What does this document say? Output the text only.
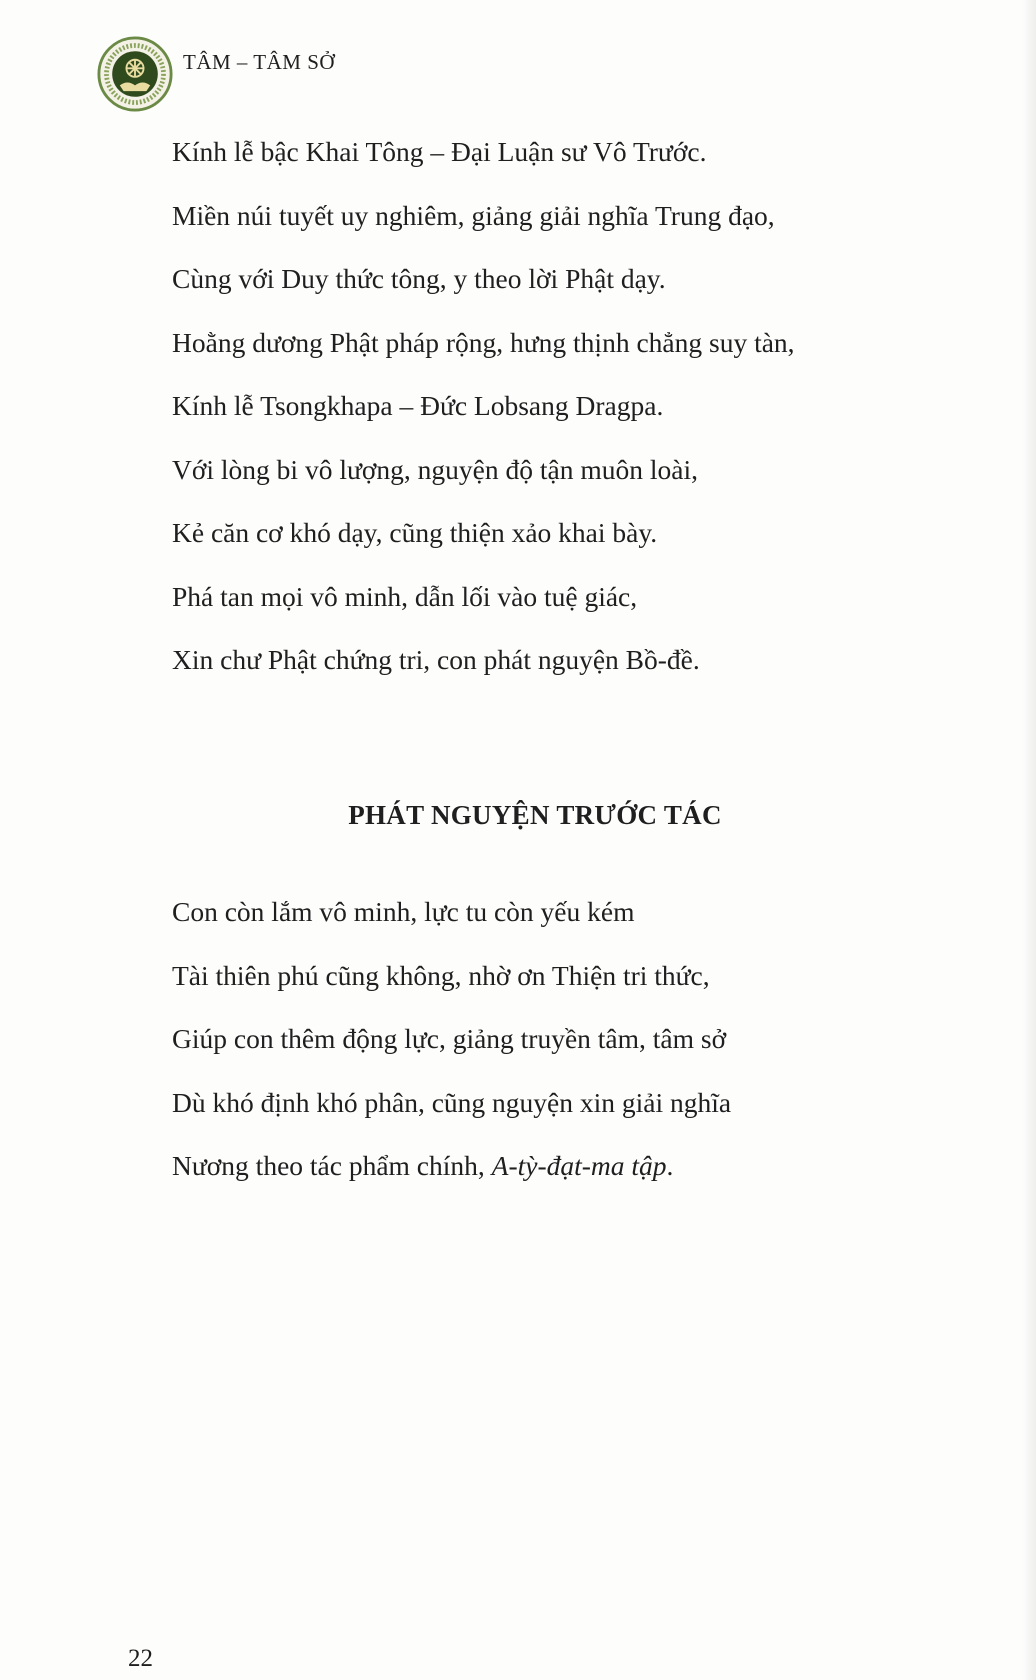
TÂM – TÂM SỞ
Kính lễ bậc Khai Tông – Đại Luận sư Vô Trước.
Miền núi tuyết uy nghiêm, giảng giải nghĩa Trung đạo,
Cùng với Duy thức tông, y theo lời Phật dạy.
Hoằng dương Phật pháp rộng, hưng thịnh chẳng suy tàn,
Kính lễ Tsongkhapa – Đức Lobsang Dragpa.
Với lòng bi vô lượng, nguyện độ tận muôn loài,
Kẻ căn cơ khó dạy, cũng thiện xảo khai bày.
Phá tan mọi vô minh, dẫn lối vào tuệ giác,
Xin chư Phật chứng tri, con phát nguyện Bồ-đề.
PHÁT NGUYỆN TRƯỚC TÁC
Con còn lắm vô minh, lực tu còn yếu kém
Tài thiên phú cũng không, nhờ ơn Thiện tri thức,
Giúp con thêm động lực, giảng truyền tâm, tâm sở
Dù khó định khó phân, cũng nguyện xin giải nghĩa
Nương theo tác phẩm chính, A-tỳ-đạt-ma tập.
22
